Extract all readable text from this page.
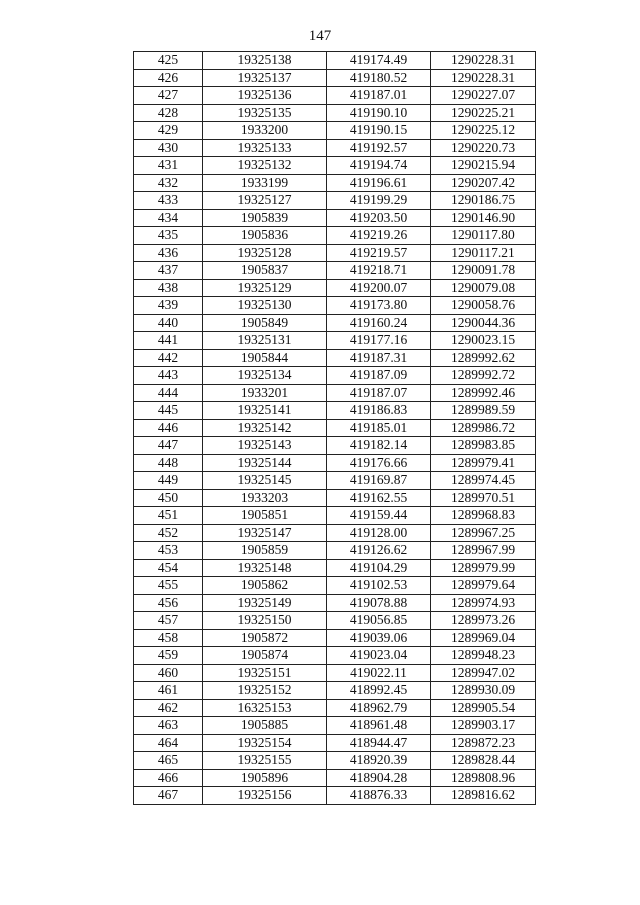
147
425	19325138	419174.49	1290228.31
426	19325137	419180.52	1290228.31
427	19325136	419187.01	1290227.07
428	19325135	419190.10	1290225.21
429	1933200	419190.15	1290225.12
430	19325133	419192.57	1290220.73
431	19325132	419194.74	1290215.94
432	1933199	419196.61	1290207.42
433	19325127	419199.29	1290186.75
434	1905839	419203.50	1290146.90
435	1905836	419219.26	1290117.80
436	19325128	419219.57	1290117.21
437	1905837	419218.71	1290091.78
438	19325129	419200.07	1290079.08
439	19325130	419173.80	1290058.76
440	1905849	419160.24	1290044.36
441	19325131	419177.16	1290023.15
442	1905844	419187.31	1289992.62
443	19325134	419187.09	1289992.72
444	1933201	419187.07	1289992.46
445	19325141	419186.83	1289989.59
446	19325142	419185.01	1289986.72
447	19325143	419182.14	1289983.85
448	19325144	419176.66	1289979.41
449	19325145	419169.87	1289974.45
450	1933203	419162.55	1289970.51
451	1905851	419159.44	1289968.83
452	19325147	419128.00	1289967.25
453	1905859	419126.62	1289967.99
454	19325148	419104.29	1289979.99
455	1905862	419102.53	1289979.64
456	19325149	419078.88	1289974.93
457	19325150	419056.85	1289973.26
458	1905872	419039.06	1289969.04
459	1905874	419023.04	1289948.23
460	19325151	419022.11	1289947.02
461	19325152	418992.45	1289930.09
462	16325153	418962.79	1289905.54
463	1905885	418961.48	1289903.17
464	19325154	418944.47	1289872.23
465	19325155	418920.39	1289828.44
466	1905896	418904.28	1289808.96
467	19325156	418876.33	1289816.62
